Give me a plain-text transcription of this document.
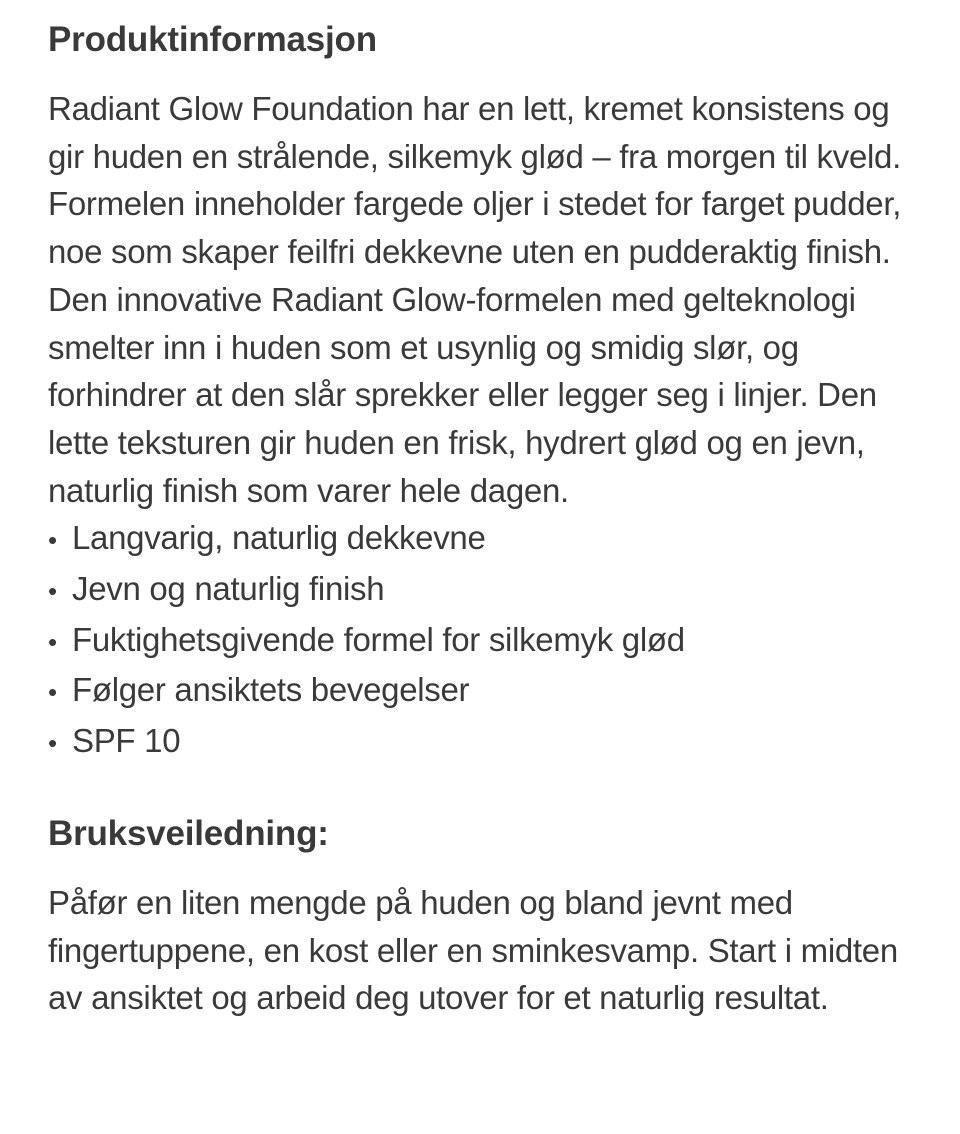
Produktinformasjon

Radiant Glow Foundation har en lett, kremet konsistens og gir huden en strålende, silkemyk glød – fra morgen til kveld. Formelen inneholder fargede oljer i stedet for farget pudder, noe som skaper feilfri dekkevne uten en pudderaktig finish. Den innovative Radiant Glow-formelen med gelteknologi smelter inn i huden som et usynlig og smidig slør, og forhindrer at den slår sprekker eller legger seg i linjer. Den lette teksturen gir huden en frisk, hydrert glød og en jevn, naturlig finish som varer hele dagen.

• Langvarig, naturlig dekkevne
• Jevn og naturlig finish
• Fuktighetsgivende formel for silkemyk glød
• Følger ansiktets bevegelser
• SPF 10
Bruksveiledning:

Påfør en liten mengde på huden og bland jevnt med fingertuppene, en kost eller en sminkesvamp. Start i midten av ansiktet og arbeid deg utover for et naturlig resultat.
